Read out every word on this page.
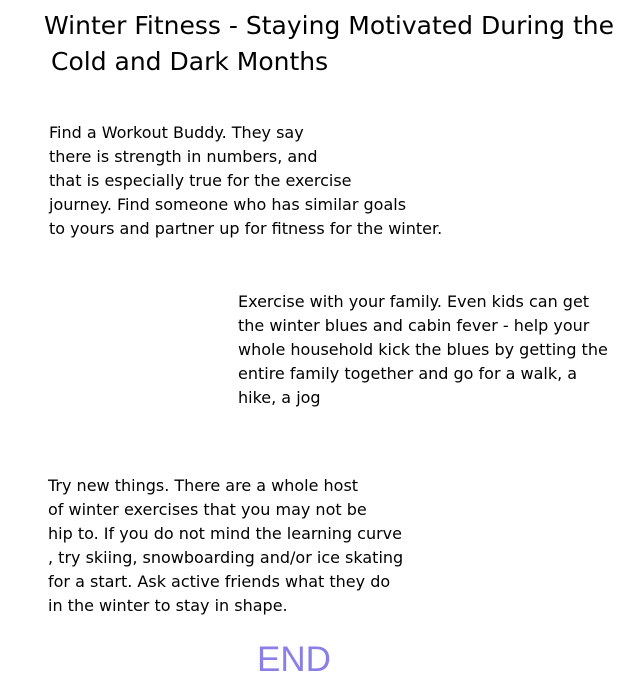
Winter Fitness - Staying Motivated During the
Cold and Dark Months

Find a Workout Buddy. They say
there is strength in numbers, and
that is especially true for the exercise
journey. Find someone who has similar goals
to yours and partner up for fitness for the winter.

Exercise with your family. Even kids can get
the winter blues and cabin fever - help your
whole household kick the blues by getting the
entire family together and go for a walk, a
hike, a jog

Try new things. There are a whole host
of winter exercises that you may not be
hip to. If you do not mind the learning curve
, try skiing, snowboarding and/or ice skating
for a start. Ask active friends what they do
in the winter to stay in shape.

END
